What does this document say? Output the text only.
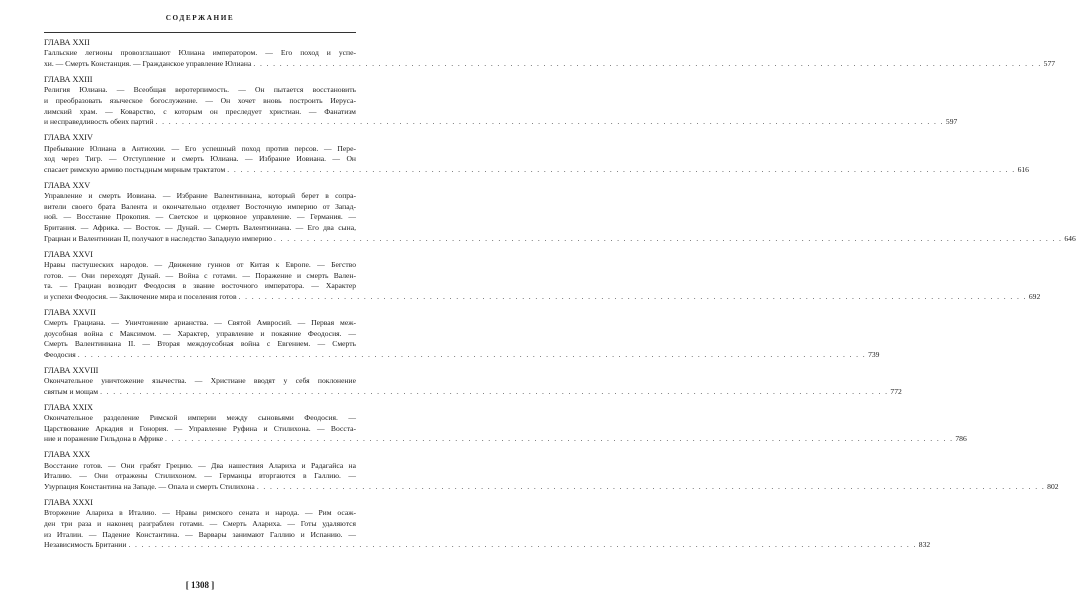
СОДЕРЖАНИЕ
ГЛАВА XXII
Галльские легионы провозглашают Юлиана императором. — Его поход и успе-
хи. — Смерть Констанция. — Гражданское управление Юлиана . . . . . . . . . . . . . . . . . . . . . . . . . . . . . . . . . . . . . . . . . . . . . . . . . . . . . . . . . . . . . . . . . . . . . . . . . . . . . . . . . . . . . . . . . . . . . . . . . . . . . . . . . . . . . . . . . . . . . . . . 577
ГЛАВА XXIII
Религия Юлиана. — Всеобщая веротерпимость. — Он пытается восстановить
и преобразовать языческое богослужение. — Он хочет вновь построить Иеруса-
лимский храм. — Коварство, с которым он преследует христиан. — Фанатизм
и несправедливость обеих партий . . . . . . . . . . . . . . . . . . . . . . . . . . . . . . . . . . . . . . . . . . . . . . . . . . . . . . . . . . . . . . . . . . . . . . . . . . . . . . . . . . . . . . . . . . . . . . . . . . . . . . . . . . . . . . . . . . . . . . . . 597
ГЛАВА XXIV
Пребывание Юлиана в Антиохии. — Его успешный поход против персов. — Пере-
ход через Тигр. — Отступление и смерть Юлиана. — Избрание Иовиана. — Он
спасает римскую армию постыдным мирным трактатом . . . . . . . . . . . . . . . . . . . . . . . . . . . . . . . . . . . . . . . . . . . . . . . . . . . . . . . . . . . . . . . . . . . . . . . . . . . . . . . . . . . . . . . . . . . . . . . . . . . . . . . . . . . . . . . . . . . . . . . . 616
ГЛАВА XXV
Управление и смерть Иовиана. — Избрание Валентиниана, который берет в сопра-
вители своего брата Валента и окончательно отделяет Восточную империю от Запад-
ной. — Восстание Прокопия. — Светское и церковное управление. — Германия. —
Британия. — Африка. — Восток. — Дунай. — Смерть Валентиниана. — Его два сына,
Грациан и Валентиниан II, получают в наследство Западную империю . . . . . . . . . . . . . . . . . . . . . . . . . . . . . . . . . . . . . . . . . . . . . . . . . . . . . . . . . . . . . . . . . . . . . . . . . . . . . . . . . . . . . . . . . . . . . . . . . . . . . . . . . . . . . . . . . . . . . . . . 646
ГЛАВА XXVI
Нравы пастушеских народов. — Движение гуннов от Китая к Европе. — Бегство
готов. — Они переходят Дунай. — Война с готами. — Поражение и смерть Вален-
та. — Грациан возводит Феодосия в звание восточного императора. — Характер
и успехи Феодосия. — Заключение мира и поселения готов . . . . . . . . . . . . . . . . . . . . . . . . . . . . . . . . . . . . . . . . . . . . . . . . . . . . . . . . . . . . . . . . . . . . . . . . . . . . . . . . . . . . . . . . . . . . . . . . . . . . . . . . . . . . . . . . . . . . . . . . 692
ГЛАВА XXVII
Смерть Грациана. — Уничтожение арианства. — Святой Амвросий. — Первая меж-
доусобная война с Максимом. — Характер, управление и покаяние Феодосия. —
Смерть Валентиниана II. — Вторая междоусобная война с Евгением. — Смерть
Феодосия . . . . . . . . . . . . . . . . . . . . . . . . . . . . . . . . . . . . . . . . . . . . . . . . . . . . . . . . . . . . . . . . . . . . . . . . . . . . . . . . . . . . . . . . . . . . . . . . . . . . . . . . . . . . . . . . . . . . . . . . 739
ГЛАВА XXVIII
Окончательное уничтожение язычества. — Христиане вводят у себя поклонение
святым и мощам . . . . . . . . . . . . . . . . . . . . . . . . . . . . . . . . . . . . . . . . . . . . . . . . . . . . . . . . . . . . . . . . . . . . . . . . . . . . . . . . . . . . . . . . . . . . . . . . . . . . . . . . . . . . . . . . . . . . . . . . 772
ГЛАВА XXIX
Окончательное разделение Римской империи между сыновьями Феодосия. —
Царствование Аркадия и Гонория. — Управление Руфина и Стилихона. — Восста-
ние и поражение Гильдона в Африке . . . . . . . . . . . . . . . . . . . . . . . . . . . . . . . . . . . . . . . . . . . . . . . . . . . . . . . . . . . . . . . . . . . . . . . . . . . . . . . . . . . . . . . . . . . . . . . . . . . . . . . . . . . . . . . . . . . . . . . . 786
ГЛАВА XXX
Восстание готов. — Они грабят Грецию. — Два нашествия Алариха и Радагайса на
Италию. — Они отражены Стилихоном. — Германцы вторгаются в Галлию. —
Узурпация Константина на Западе. — Опала и смерть Стилихона . . . . . . . . . . . . . . . . . . . . . . . . . . . . . . . . . . . . . . . . . . . . . . . . . . . . . . . . . . . . . . . . . . . . . . . . . . . . . . . . . . . . . . . . . . . . . . . . . . . . . . . . . . . . . . . . . . . . . . . . 802
ГЛАВА XXXI
Вторжение Алариха в Италию. — Нравы римского сената и народа. — Рим осаж-
ден три раза и наконец разграблен готами. — Смерть Алариха. — Готы удаляются
из Италии. — Падение Константина. — Варвары занимают Галлию и Испанию. —
Независимость Британии . . . . . . . . . . . . . . . . . . . . . . . . . . . . . . . . . . . . . . . . . . . . . . . . . . . . . . . . . . . . . . . . . . . . . . . . . . . . . . . . . . . . . . . . . . . . . . . . . . . . . . . . . . . . . . . . . . . . . . . . 832
[ 1308 ]
